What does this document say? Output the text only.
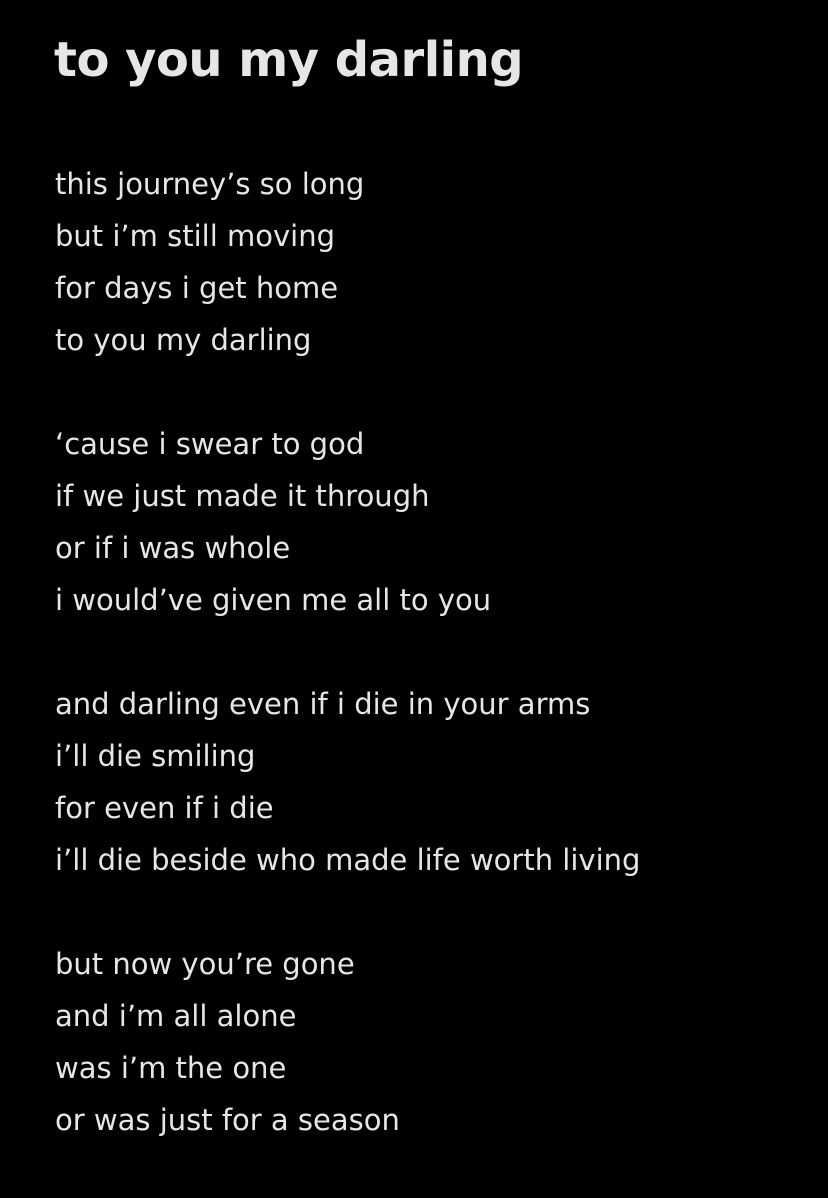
to you my darling
this journey’s so long
but i’m still moving
for days i get home
to you my darling
‘cause i swear to god
if we just made it through
or if i was whole
i would’ve given me all to you
and darling even if i die in your arms
i’ll die smiling
for even if i die
i’ll die beside who made life worth living
but now you’re gone
and i’m all alone
was i’m the one
or was just for a season
